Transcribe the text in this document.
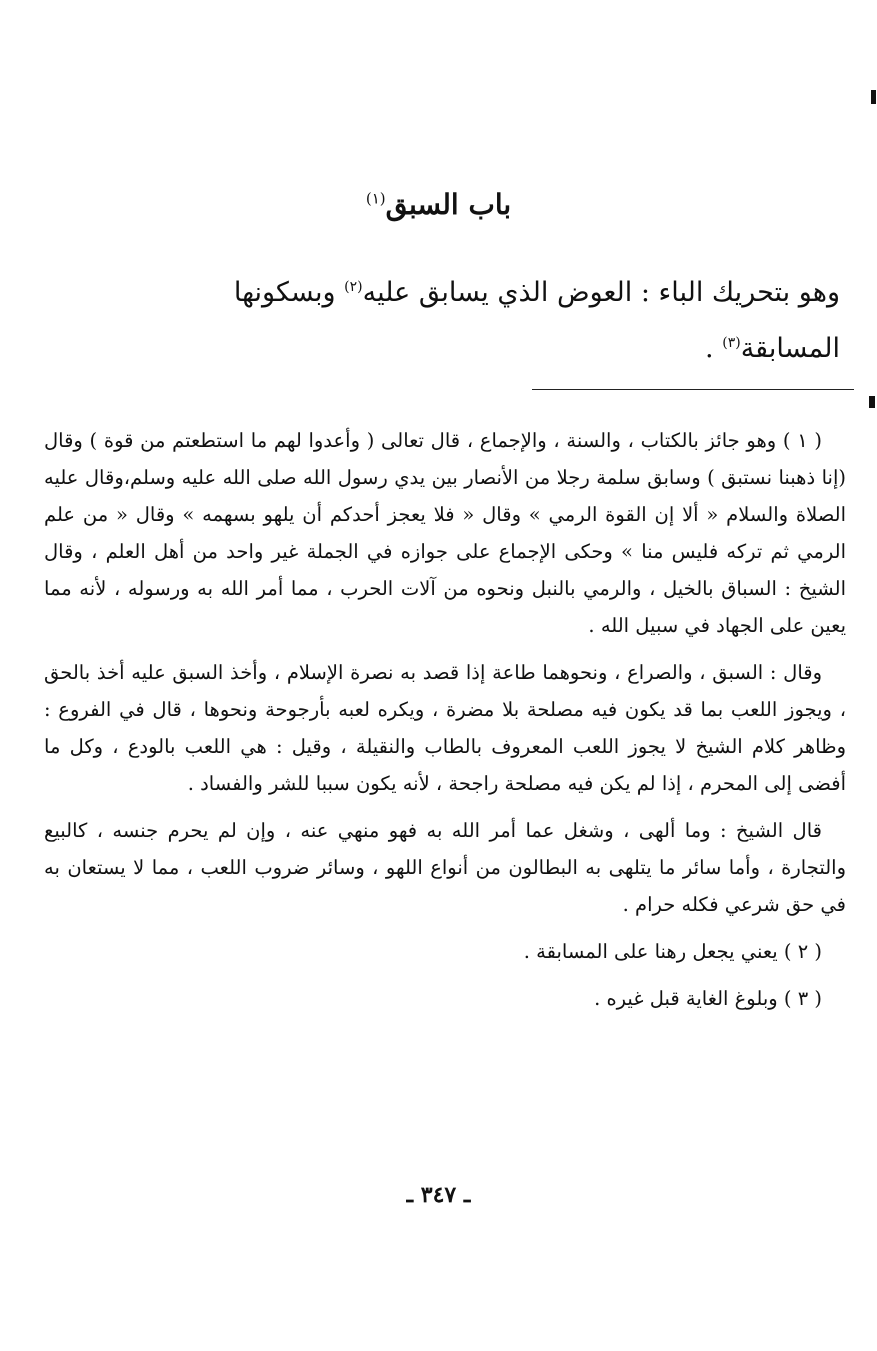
باب السبق$^{(١)}$
وهو بتحريك الباء : العوض الذي يسابق عليه$^{(٢)}$ وبسكونها
المسابقة$^{(٣)}$ .

( ١ ) وهو جائز بالكتاب ، والسنة ، والإجماع ، قال تعالى ( وأعدوا لهم ما استطعتم من قوة ) وقال (إنا ذهبنا نستبق ) وسابق سلمة رجلا من الأنصار بين يدي رسول الله صلى الله عليه وسلم،وقال عليه الصلاة والسلام « ألا إن القوة الرمي » وقال « فلا يعجز أحدكم أن يلهو بسهمه » وقال « من علم الرمي ثم تركه فليس منا » وحكى الإجماع على جوازه في الجملة غير واحد من أهل العلم ، وقال الشيخ : السباق بالخيل ، والرمي بالنبل ونحوه من آلات الحرب ، مما أمر الله به ورسوله ، لأنه مما يعين على الجهاد في سبيل الله .

وقال : السبق ، والصراع ، ونحوهما طاعة إذا قصد به نصرة الإسلام ، وأخذ السبق عليه أخذ بالحق ، ويجوز اللعب بما قد يكون فيه مصلحة بلا مضرة ، ويكره لعبه بأرجوحة ونحوها ، قال في الفروع : وظاهر كلام الشيخ لا يجوز اللعب المعروف بالطاب والنقيلة ، وقيل : هي اللعب بالودع ، وكل ما أفضى إلى المحرم ، إذا لم يكن فيه مصلحة راجحة ، لأنه يكون سببا للشر والفساد .

قال الشيخ : وما ألهى ، وشغل عما أمر الله به فهو منهي عنه ، وإن لم يحرم جنسه ، كالبيع والتجارة ، وأما سائر ما يتلهى به البطالون من أنواع اللهو ، وسائر ضروب اللعب ، مما لا يستعان به في حق شرعي فكله حرام .

( ٢ ) يعني يجعل رهنا على المسابقة .

( ٣ ) وبلوغ الغاية قبل غيره .

ـ ٣٤٧ ـ
